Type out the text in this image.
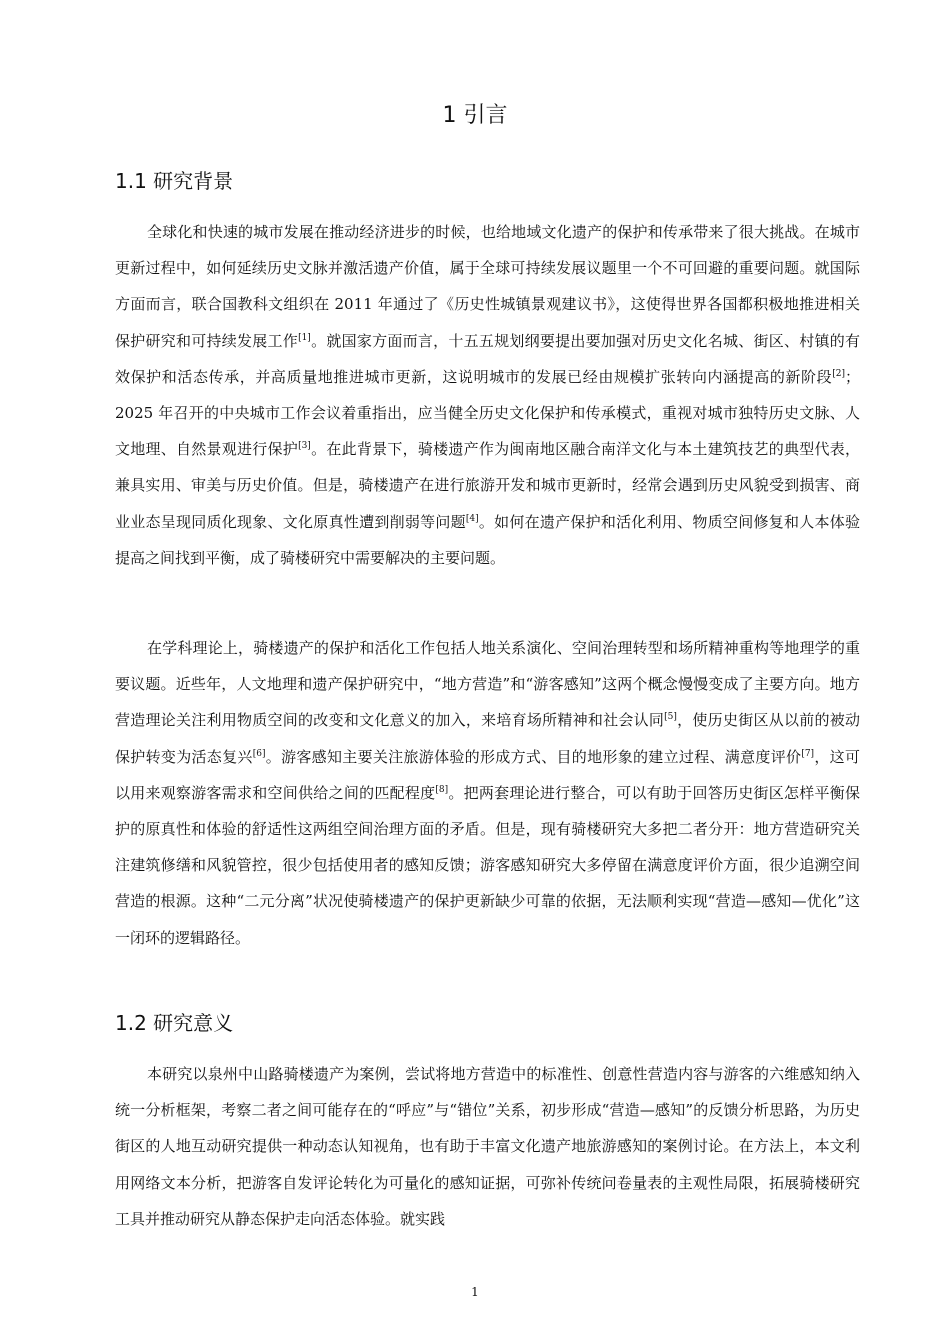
1 引言
1.1 研究背景

全球化和快速的城市发展在推动经济进步的时候，也给地域文化遗产的保护和传承带来了很大挑战。在城市更新过程中，如何延续历史文脉并激活遗产价值，属于全球可持续发展议题里一个不可回避的重要问题。就国际方面而言，联合国教科文组织在 2011 年通过了《历史性城镇景观建议书》，这使得世界各国都积极地推进相关保护研究和可持续发展工作[1]。就国家方面而言，十五五规划纲要提出要加强对历史文化名城、街区、村镇的有效保护和活态传承，并高质量地推进城市更新，这说明城市的发展已经由规模扩张转向内涵提高的新阶段[2]；2025 年召开的中央城市工作会议着重指出，应当健全历史文化保护和传承模式，重视对城市独特历史文脉、人文地理、自然景观进行保护[3]。在此背景下，骑楼遗产作为闽南地区融合南洋文化与本土建筑技艺的典型代表，兼具实用、审美与历史价值。但是，骑楼遗产在进行旅游开发和城市更新时，经常会遇到历史风貌受到损害、商业业态呈现同质化现象、文化原真性遭到削弱等问题[4]。如何在遗产保护和活化利用、物质空间修复和人本体验提高之间找到平衡，成了骑楼研究中需要解决的主要问题。

在学科理论上，骑楼遗产的保护和活化工作包括人地关系演化、空间治理转型和场所精神重构等地理学的重要议题。近些年，人文地理和遗产保护研究中，“地方营造”和“游客感知”这两个概念慢慢变成了主要方向。地方营造理论关注利用物质空间的改变和文化意义的加入，来培育场所精神和社会认同[5]，使历史街区从以前的被动保护转变为活态复兴[6]。游客感知主要关注旅游体验的形成方式、目的地形象的建立过程、满意度评价[7]，这可以用来观察游客需求和空间供给之间的匹配程度[8]。把两套理论进行整合，可以有助于回答历史街区怎样平衡保护的原真性和体验的舒适性这两组空间治理方面的矛盾。但是，现有骑楼研究大多把二者分开：地方营造研究关注建筑修缮和风貌管控，很少包括使用者的感知反馈；游客感知研究大多停留在满意度评价方面，很少追溯空间营造的根源。这种“二元分离”状况使骑楼遗产的保护更新缺少可靠的依据，无法顺利实现“营造—感知—优化”这一闭环的逻辑路径。

1.2 研究意义

本研究以泉州中山路骑楼遗产为案例，尝试将地方营造中的标准性、创意性营造内容与游客的六维感知纳入统一分析框架，考察二者之间可能存在的“呼应”与“错位”关系，初步形成“营造—感知”的反馈分析思路，为历史街区的人地互动研究提供一种动态认知视角，也有助于丰富文化遗产地旅游感知的案例讨论。在方法上，本文利用网络文本分析，把游客自发评论转化为可量化的感知证据，可弥补传统问卷量表的主观性局限，拓展骑楼研究工具并推动研究从静态保护走向活态体验。就实践

1
